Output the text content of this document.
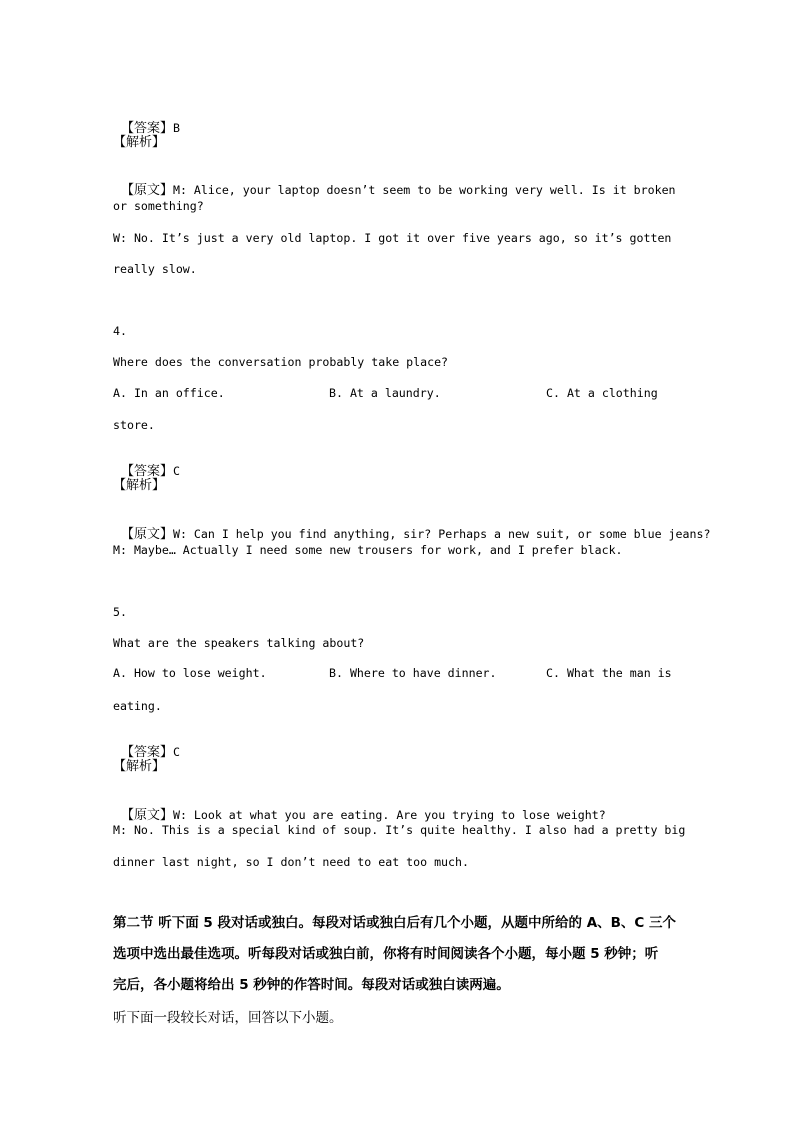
【答案】B

【解析】

【原文】M: Alice, your laptop doesn’t seem to be working very well. Is it broken

or something?
W: No. It’s just a very old laptop. I got it over five years ago, so it’s gotten
really slow.
4.
Where does the conversation probably take place?
A. In an office.	B. At a laundry.	C. At a clothing
store.

【答案】C

【解析】

【原文】W: Can I help you find anything, sir? Perhaps a new suit, or some blue jeans?

M: Maybe… Actually I need some new trousers for work, and I prefer black.
5.
What are the speakers talking about?
A. How to lose weight.	B. Where to have dinner.	C. What the man is
eating.

【答案】C

【解析】

【原文】W: Look at what you are eating. Are you trying to lose weight?

M: No. This is a special kind of soup. It’s quite healthy. I also had a pretty big
dinner last night, so I don’t need to eat too much.
第二节 听下面 5 段对话或独白。每段对话或独白后有几个小题，从题中所给的 A、B、C 三个
选项中选出最佳选项。听每段对话或独白前，你将有时间阅读各个小题，每小题 5 秒钟；听
完后，各小题将给出 5 秒钟的作答时间。每段对话或独白读两遍。
听下面一段较长对话，回答以下小题。
